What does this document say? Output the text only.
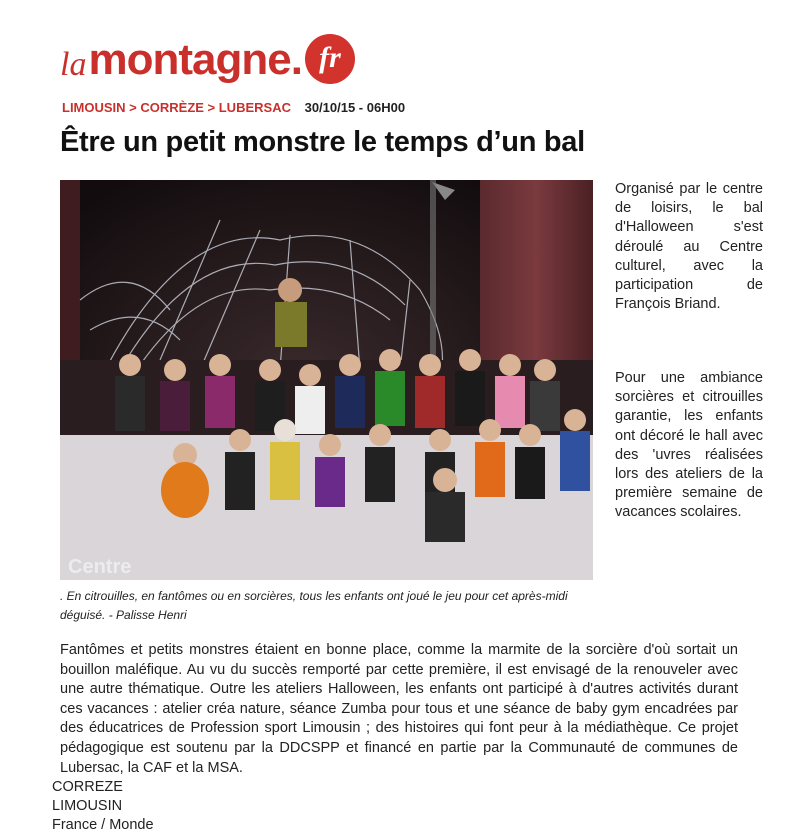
la montagne . fr
LIMOUSIN > CORRÈZE > LUBERSAC 30/10/15 - 06H00
Être un petit monstre le temps d’un bal
Centre
. En citrouilles, en fantômes ou en sorcières, tous les enfants ont joué le jeu pour cet après-midi déguisé. - Palisse Henri

Organisé par le centre de loisirs, le bal d'Halloween s'est déroulé au Centre culturel, avec la participation de François Briand.

Pour une ambiance sorcières et citrouilles garantie, les enfants ont décoré le hall avec des 'uvres réalisées lors des ateliers de la première semaine de vacances scolaires.

Fantômes et petits monstres étaient en bonne place, comme la marmite de la sorcière d'où sortait un bouillon maléfique. Au vu du succès remporté par cette première, il est envisagé de la renouveler avec une autre thématique. Outre les ateliers Halloween, les enfants ont participé à d'autres activités durant ces vacances : atelier créa nature, séance Zumba pour tous et une séance de baby gym encadrées par des éducatrices de Profession sport Limousin ; des histoires qui font peur à la médiathèque. Ce projet pédagogique est soutenu par la DDCSPP et financé en partie par la Communauté de communes de Lubersac, la CAF et la MSA.

CORREZE
LIMOUSIN
France / Monde
